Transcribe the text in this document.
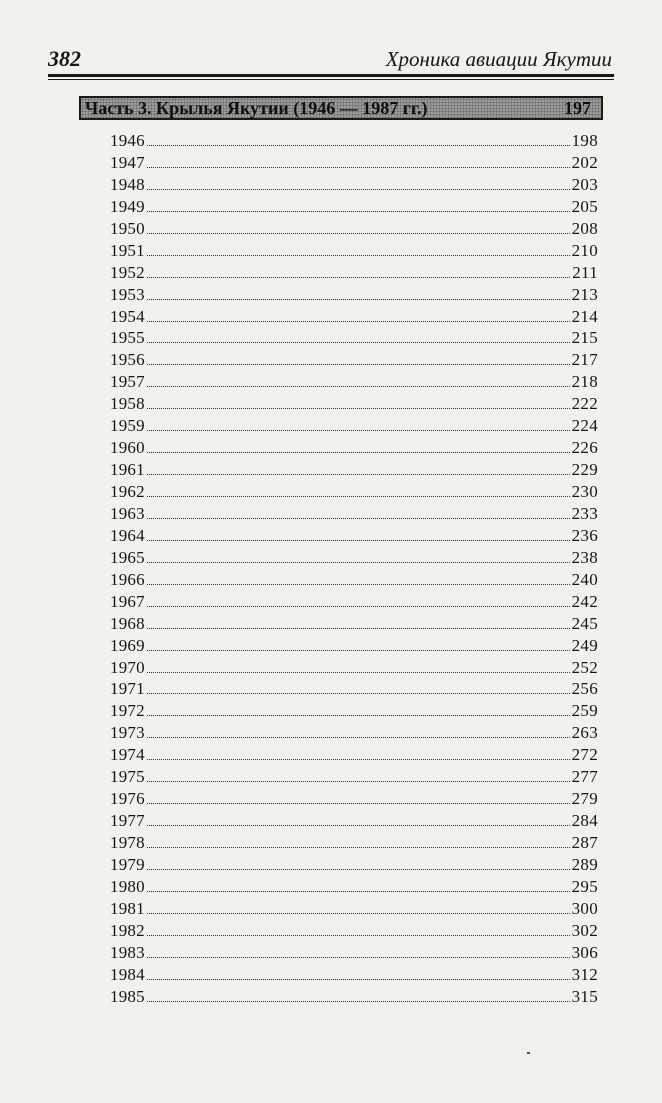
382	Хроника авиации Якутии
Часть 3. Крылья Якутии (1946 — 1987 гг.)	197
1946	198
1947	202
1948	203
1949	205
1950	208
1951	210
1952	211
1953	213
1954	214
1955	215
1956	217
1957	218
1958	222
1959	224
1960	226
1961	229
1962	230
1963	233
1964	236
1965	238
1966	240
1967	242
1968	245
1969	249
1970	252
1971	256
1972	259
1973	263
1974	272
1975	277
1976	279
1977	284
1978	287
1979	289
1980	295
1981	300
1982	302
1983	306
1984	312
1985	315
